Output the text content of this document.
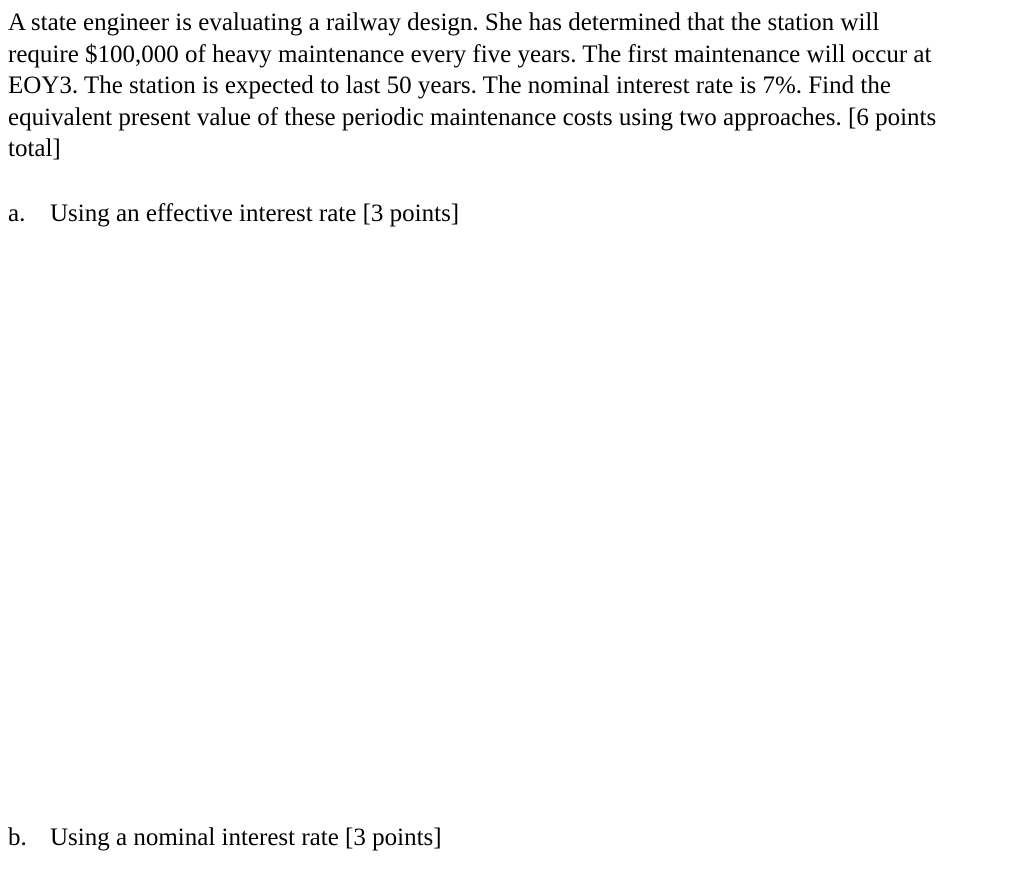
A state engineer is evaluating a railway design. She has determined that the station will
require $100,000 of heavy maintenance every five years. The first maintenance will occur at
EOY3. The station is expected to last 50 years. The nominal interest rate is 7%. Find the
equivalent present value of these periodic maintenance costs using two approaches. [6 points
total]

a. Using an effective interest rate [3 points]

b. Using a nominal interest rate [3 points]
